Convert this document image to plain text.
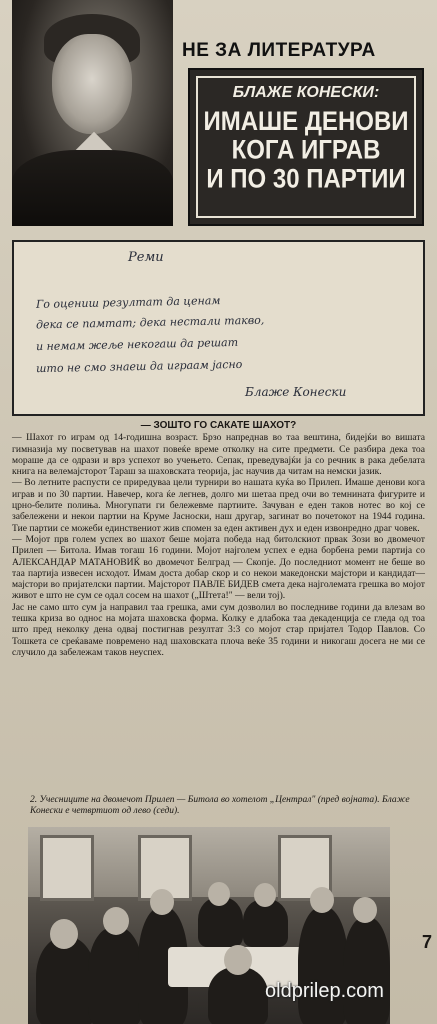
НЕ ЗА ЛИТЕРАТУРА
БЛАЖЕ КОНЕСКИ:
ИМАШЕ ДЕНОВИ
КОГА ИГРАВ
И ПО 30 ПАРТИИ
Реми
Го оцениш резултат да ценам
дека се памтат; дека нестали такво,
и немам жеље некогаш да решат
што не смо знаеш да играам јасно
Блаже Конески
— ЗОШТО ГО САКАТЕ ШАХОТ?

— Шахот го играм од 14-годишна возраст. Брзо напреднав во таа вештина, бидејќи во вишата гимназија му посветував на шахот повеќе време отколку на сите предмети. Се разбира дека тоа мораше да се одрази и врз успехот во учењето. Сепак, преведувајќи ја со речник в рака дебелата книга на велемајсторот Тараш за шаховската теорија, јас научив да читам на немски јазик.

— Во летните распусти се приредуваа цели турнири во нашата куќа во Прилеп. Имаше денови кога играв и по 30 партии. Навечер, кога ќе легнев, долго ми шетаа пред очи во темнината фигурите и црно-белите полиња. Многупати ги бележевме партиите. Зачуван е еден таков нотес во кој се забележени и некои партии на Круме Јасноски, наш другар, загинат во почетокот на 1944 година. Тие партии се можеби единствениот жив спомен за еден активен дух и еден извонредно драг човек.

— Мојот прв голем успех во шахот беше мојата победа над битолскиот првак Зози во двомечот Прилеп — Битола. Имав тогаш 16 години. Мојот најголем успех е една борбена реми партија со АЛЕКСАНДАР МАТАНОВИЌ во двомечот Белград — Скопје. До последниот момент не беше во таа партија извесен исходот. Имам доста добар скор и со некои македонски мајстори и кандидат—мајстори во пријателски партии. Мајсторот ПАВЛЕ БИДЕВ смета дека најголемата грешка во мојот живот е што не сум се одал сосем на шахот („Штета!" — вели тој).

Јас не само што сум ја направил таа грешка, ами сум дозволил во последниве години да влезам во тешка криза во однос на мојата шаховска форма. Колку е длабока таа декаденција се гледа од тоа што пред неколку дена одвај постигнав резултат 3:3 со мојот стар пријател Тодор Павлов. Со Тошкета се среќаваме повремено над шаховската плоча веќе 35 години и никогаш досега не ми се случило да забележам таков неуспех.

2. Учесниците на двомечот Прилеп — Битола во хотелот „Централ" (пред војната). Блаже Конески е четвртиот од лево (седи).
7
oldprilep.com
